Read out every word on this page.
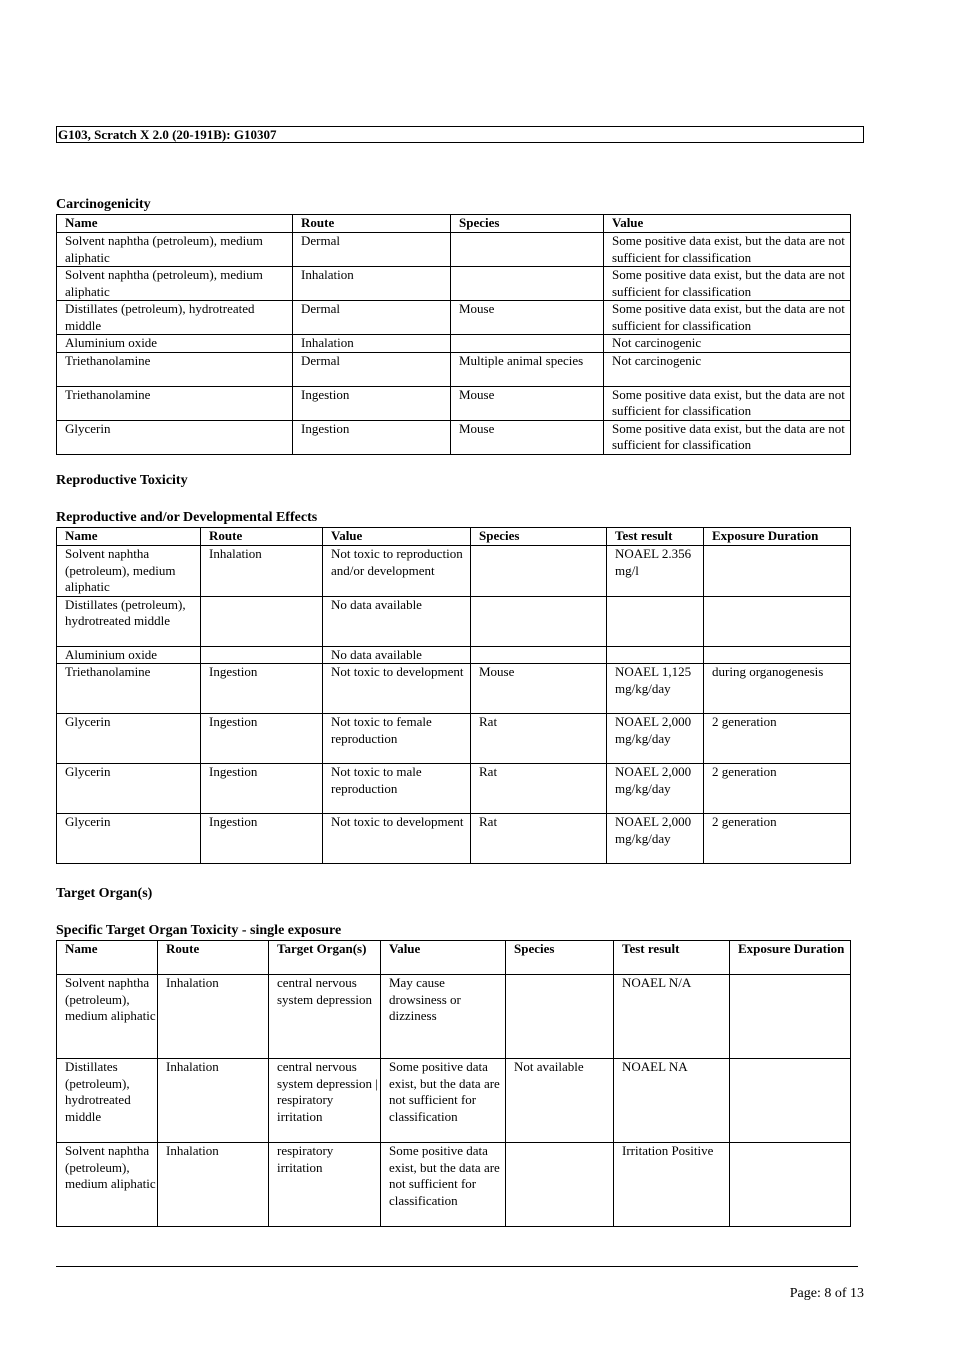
G103, Scratch X 2.0 (20-191B): G10307
Carcinogenicity
Name	Route	Species	Value
Solvent naphtha (petroleum), medium aliphatic	Dermal		Some positive data exist, but the data are not sufficient for classification
Solvent naphtha (petroleum), medium aliphatic	Inhalation		Some positive data exist, but the data are not sufficient for classification
Distillates (petroleum), hydrotreated middle	Dermal	Mouse	Some positive data exist, but the data are not sufficient for classification
Aluminium oxide	Inhalation		Not carcinogenic
Triethanolamine	Dermal	Multiple animal species	Not carcinogenic
Triethanolamine	Ingestion	Mouse	Some positive data exist, but the data are not sufficient for classification
Glycerin	Ingestion	Mouse	Some positive data exist, but the data are not sufficient for classification
Reproductive Toxicity
Reproductive and/or Developmental Effects
Name	Route	Value	Species	Test result	Exposure Duration
Solvent naphtha (petroleum), medium aliphatic	Inhalation	Not toxic to reproduction and/or development		NOAEL 2.356 mg/l	
Distillates (petroleum), hydrotreated middle		No data available			
Aluminium oxide		No data available			
Triethanolamine	Ingestion	Not toxic to development	Mouse	NOAEL 1,125 mg/kg/day	during organogenesis
Glycerin	Ingestion	Not toxic to female reproduction	Rat	NOAEL 2,000 mg/kg/day	2 generation
Glycerin	Ingestion	Not toxic to male reproduction	Rat	NOAEL 2,000 mg/kg/day	2 generation
Glycerin	Ingestion	Not toxic to development	Rat	NOAEL 2,000 mg/kg/day	2 generation
Target Organ(s)
Specific Target Organ Toxicity - single exposure
Name	Route	Target Organ(s)	Value	Species	Test result	Exposure Duration
Solvent naphtha (petroleum), medium aliphatic	Inhalation	central nervous system depression	May cause drowsiness or dizziness		NOAEL N/A	
Distillates (petroleum), hydrotreated middle	Inhalation	central nervous system depression | respiratory irritation	Some positive data exist, but the data are not sufficient for classification	Not available	NOAEL NA	
Solvent naphtha (petroleum), medium aliphatic	Inhalation	respiratory irritation	Some positive data exist, but the data are not sufficient for classification		Irritation Positive	
Page: 8 of 13
